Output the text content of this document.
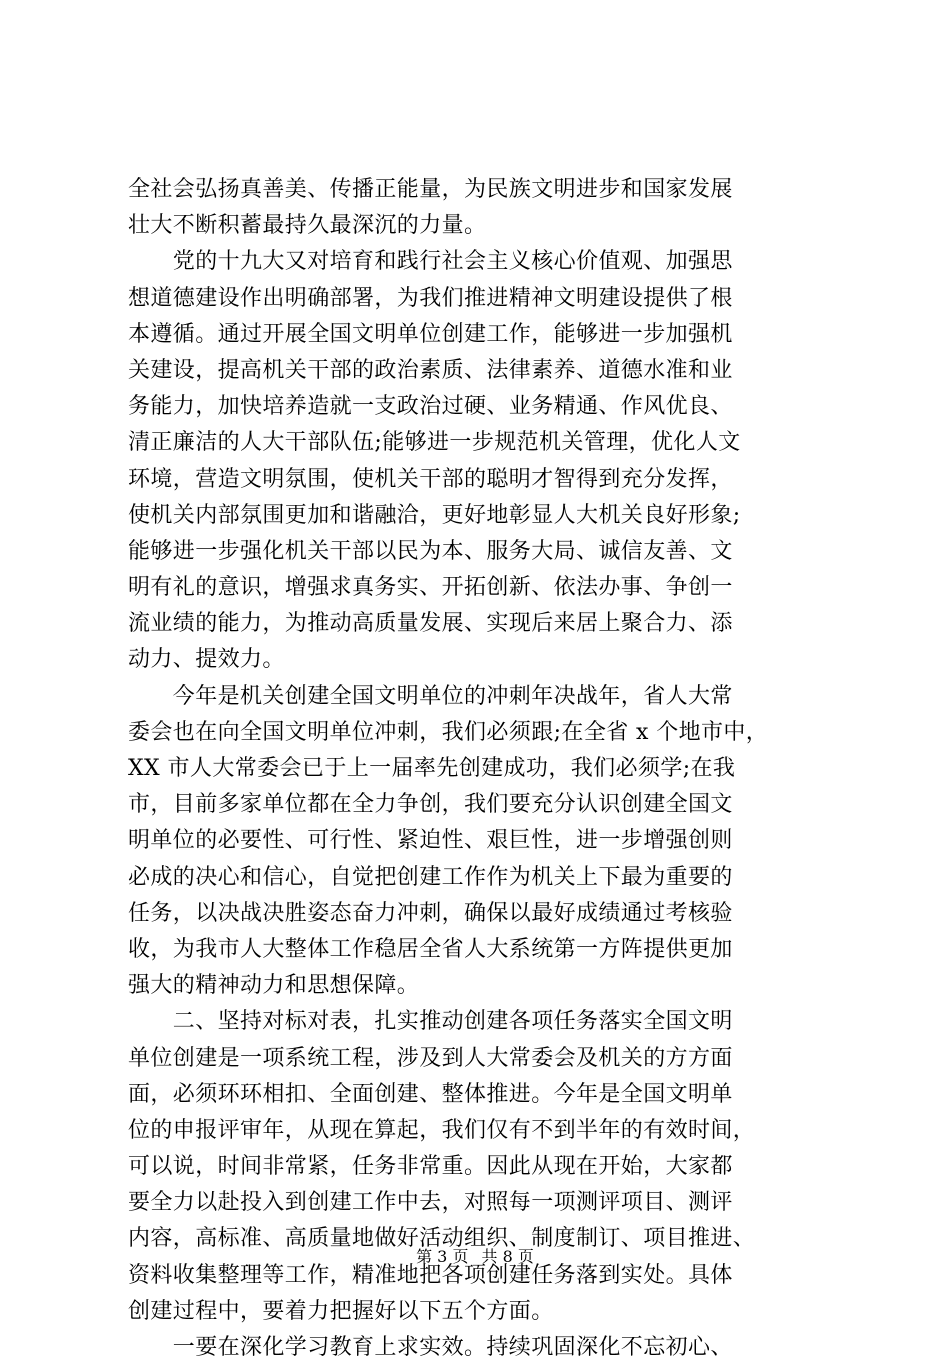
全社会弘扬真善美、传播正能量，为民族文明进步和国家发展
壮大不断积蓄最持久最深沉的力量。
　　党的十九大又对培育和践行社会主义核心价值观、加强思
想道德建设作出明确部署，为我们推进精神文明建设提供了根
本遵循。通过开展全国文明单位创建工作，能够进一步加强机
关建设，提高机关干部的政治素质、法律素养、道德水准和业
务能力，加快培养造就一支政治过硬、业务精通、作风优良、
清正廉洁的人大干部队伍;能够进一步规范机关管理，优化人文
环境，营造文明氛围，使机关干部的聪明才智得到充分发挥，
使机关内部氛围更加和谐融洽，更好地彰显人大机关良好形象;
能够进一步强化机关干部以民为本、服务大局、诚信友善、文
明有礼的意识，增强求真务实、开拓创新、依法办事、争创一
流业绩的能力，为推动高质量发展、实现后来居上聚合力、添
动力、提效力。
　　今年是机关创建全国文明单位的冲刺年决战年，省人大常
委会也在向全国文明单位冲刺，我们必须跟;在全省 x 个地市中，
XX 市人大常委会已于上一届率先创建成功，我们必须学;在我
市，目前多家单位都在全力争创，我们要充分认识创建全国文
明单位的必要性、可行性、紧迫性、艰巨性，进一步增强创则
必成的决心和信心，自觉把创建工作作为机关上下最为重要的
任务，以决战决胜姿态奋力冲刺，确保以最好成绩通过考核验
收，为我市人大整体工作稳居全省人大系统第一方阵提供更加
强大的精神动力和思想保障。
　　二、坚持对标对表，扎实推动创建各项任务落实全国文明
单位创建是一项系统工程，涉及到人大常委会及机关的方方面
面，必须环环相扣、全面创建、整体推进。今年是全国文明单
位的申报评审年，从现在算起，我们仅有不到半年的有效时间，
可以说，时间非常紧，任务非常重。因此从现在开始，大家都
要全力以赴投入到创建工作中去，对照每一项测评项目、测评
内容，高标准、高质量地做好活动组织、制度制订、项目推进、
资料收集整理等工作，精准地把各项创建任务落到实处。具体
创建过程中，要着力把握好以下五个方面。
　　一要在深化学习教育上求实效。持续巩固深化不忘初心、
第 3 页 共 8 页
